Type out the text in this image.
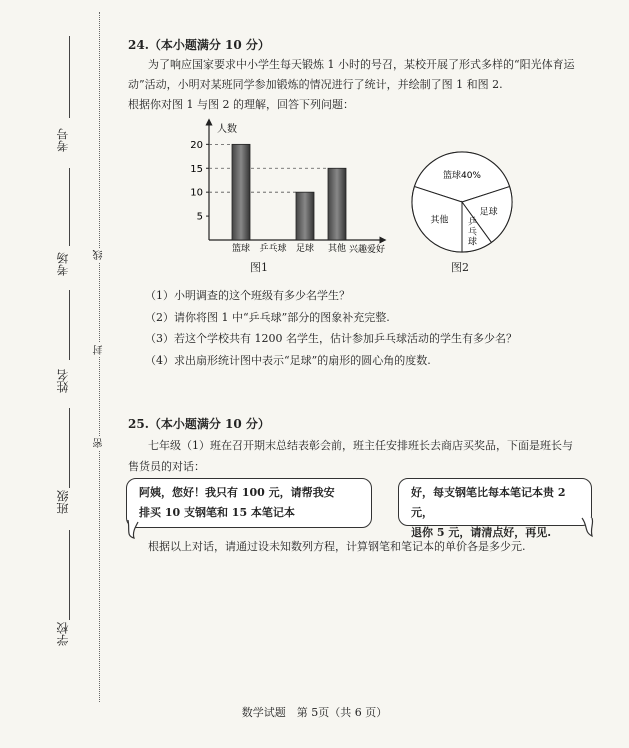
考号
考场
姓名
班级
学校
线
封
密
24.（本小题满分 10 分）
为了响应国家要求中小学生每天锻炼 1 小时的号召，某校开展了形式多样的“阳光体育运
动”活动，小明对某班同学参加锻炼的情况进行了统计，并绘制了图 1 和图 2.
根据你对图 1 与图 2 的理解，回答下列问题：
人数
兴趣爱好
5
10
15
20
篮球 乒乓球 足球 其他
图1
篮球40%
足球
乒
乓
球
其他
图2
（1）小明调查的这个班级有多少名学生？
（2）请你将图 1 中“乒乓球”部分的图象补充完整.
（3）若这个学校共有 1200 名学生，估计参加乒乓球活动的学生有多少名？
（4）求出扇形统计图中表示“足球”的扇形的圆心角的度数.
25.（本小题满分 10 分）
七年级（1）班在召开期末总结表彰会前，班主任安排班长去商店买奖品，下面是班长与
售货员的对话：
阿姨，您好！我只有 100 元，请帮我安
排买 10 支钢笔和 15 本笔记本
好，每支钢笔比每本笔记本贵 2 元，
退你 5 元，请清点好，再见.
根据以上对话，请通过设未知数列方程，计算钢笔和笔记本的单价各是多少元.
数学试题　第 5页（共 6 页）
